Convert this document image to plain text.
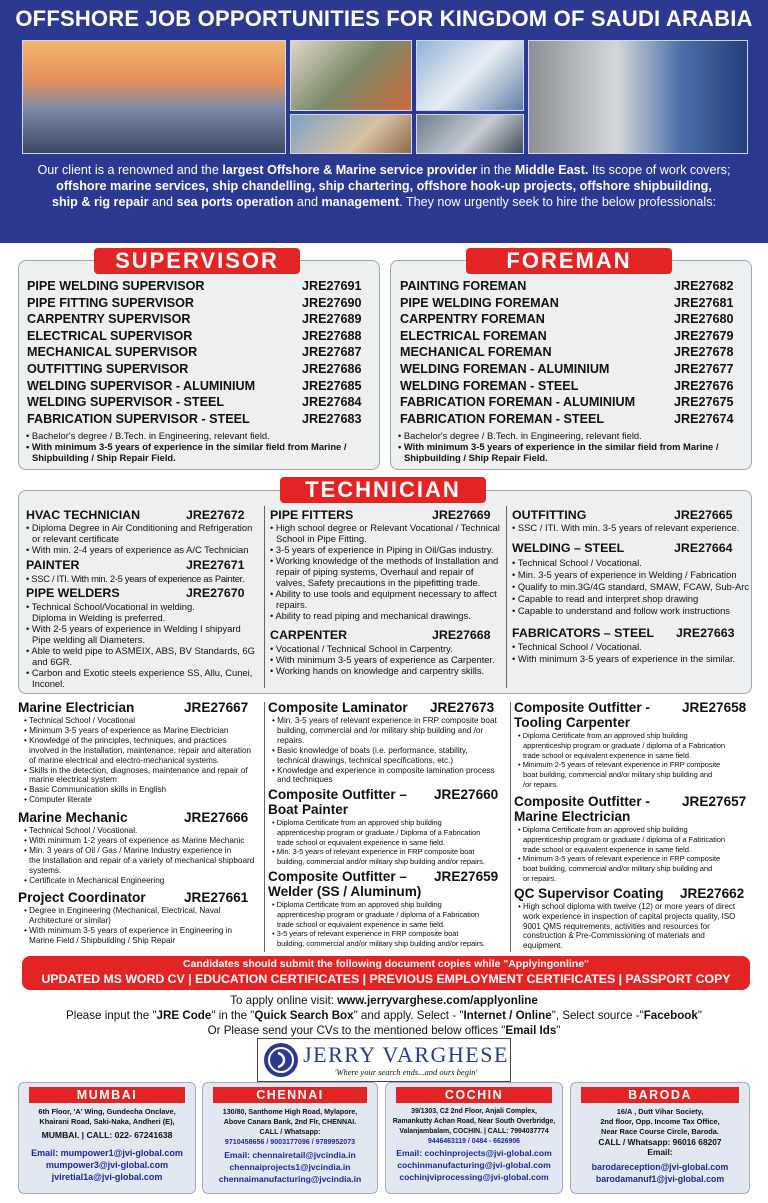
OFFSHORE JOB OPPORTUNITIES FOR KINGDOM OF SAUDI ARABIA
Our client is a renowned and the largest Offshore & Marine service provider in the Middle East. Its scope of work covers;
offshore marine services, ship chandelling, ship chartering, offshore hook-up projects, offshore shipbuilding,
ship & rig repair and sea ports operation and management. They now urgently seek to hire the below professionals:
SUPERVISOR
PIPE WELDING SUPERVISOR	JRE27691
PIPE FITTING SUPERVISOR	JRE27690
CARPENTRY SUPERVISOR	JRE27689
ELECTRICAL SUPERVISOR	JRE27688
MECHANICAL SUPERVISOR	JRE27687
OUTFITTING SUPERVISOR	JRE27686
WELDING SUPERVISOR - ALUMINIUM	JRE27685
WELDING SUPERVISOR - STEEL	JRE27684
FABRICATION SUPERVISOR - STEEL	JRE27683
• Bachelor's degree / B.Tech. in Engineering, relevant field.
• With minimum 3-5 years of experience in the similar field from Marine /
Shipbuilding / Ship Repair Field.
FOREMAN
PAINTING FOREMAN	JRE27682
PIPE WELDING FOREMAN	JRE27681
CARPENTRY FOREMAN	JRE27680
ELECTRICAL FOREMAN	JRE27679
MECHANICAL FOREMAN	JRE27678
WELDING FOREMAN - ALUMINIUM	JRE27677
WELDING FOREMAN - STEEL	JRE27676
FABRICATION FOREMAN - ALUMINIUM	JRE27675
FABRICATION FOREMAN - STEEL	JRE27674
• Bachelor's degree / B.Tech. in Engineering, relevant field.
• With minimum 3-5 years of experience in the similar field from Marine /
Shipbuilding / Ship Repair Field.
TECHNICIAN
HVAC TECHNICIAN	JRE27672
• Diploma Degree in Air Conditioning and Refrigeration
or relevant certificate
• With min. 2-4 years of experience as A/C Technician
PAINTER	JRE27671
• SSC / ITI. With min. 2-5 years of experience as Painter.
PIPE WELDERS	JRE27670
• Technical School/Vocational in welding.
Diploma in Welding is preferred.
• With 2-5 years of experience in Welding I shipyard
Pipe welding all Diameters.
• Able to weld pipe to ASMEIX, ABS, BV Standards, 6G
and 6GR.
• Carbon and Exotic steels experience SS, Allu, Cunei,
Inconel.
PIPE FITTERS	JRE27669
• High school degree or Relevant Vocational / Technical
School in Pipe Fitting.
• 3-5 years of experience in Piping in Oil/Gas industry.
• Working knowledge of the methods of Installation and
repair of piping systems, Overhaul and repair of
valves, Safety precautions in the pipefitting trade.
• Ability to use tools and equipment necessary to affect
repairs.
• Ability to read piping and mechanical drawings.
CARPENTER	JRE27668
• Vocational / Technical School in Carpentry.
• With minimum 3-5 years of experience as Carpenter.
• Working hands on knowledge and carpentry skills.
OUTFITTING	JRE27665
• SSC / ITI. With min. 3-5 years of relevant experience.
WELDING – STEEL	JRE27664
• Technical School / Vocational.
• Min. 3-5 years of experience in Welding / Fabrication
• Qualify to min.3G/4G standard, SMAW, FCAW, Sub-Arc
• Capable to read and interpret shop drawing
• Capable to understand and follow work instructions
FABRICATORS – STEEL JRE27663
• Technical School / Vocational.
• With minimum 3-5 years of experience in the similar.
Marine Electrician	JRE27667
• Technical School / Vocational
• Minimum 3-5 years of experience as Marine Electrician
• Knowledge of the principles, techniques, and practices
involved in the installation, maintenance, repair and alteration
of marine electrical and electro-mechanical systems.
• Skills in the detection, diagnoses, maintenance and repair of
marine electrical system
• Basic Communication skills in English
• Computer literate
Marine Mechanic	JRE27666
• Technical School / Vocational.
• With minimum 1-2 years of experience as Marine Mechanic
• Min. 3 years of Oil / Gas / Marine Industry experience in
the Installation and repair of a variety of mechanical shipboard
systems.
• Certificate in Mechanical Engineering
Project Coordinator	JRE27661
• Degree in Engineering (Mechanical, Electrical, Naval
Architecture or similar)
• With minimum 3-5 years of experience in Engineering in
Marine Field / Shipbuilding / Ship Repair
Composite Laminator JRE27673
• Min. 3-5 years of relevant experience in FRP composite boat
building, commercial and /or military ship building and /or
repairs.
• Basic knowledge of boats (i.e. performance, stability,
technical drawings, technical specifications, etc.)
• Knowledge and experience in composite lamination process
and techniques
Composite Outfitter – JRE27660
Boat Painter
• Diploma Certificate from an approved ship building
apprenticeship program or graduate / Diploma of a Fabrication
trade school or equivalent experience in same field.
• Min. 3-5 years of relevant experience in FRP composite boat
building, commercial and/or military ship building and/or repairs.
Composite Outfitter – JRE27659
Welder (SS / Aluminum)
• Diploma Certificate from an approved ship building
apprenticeship program or graduate / diploma of a Fabrication
trade school or equivalent experience in same field.
• 3-5 years of relevant experience in FRP composite boat
building, commercial and/or military ship building and/or repairs.
Composite Outfitter - JRE27658
Tooling Carpenter
• Diploma Certificate from an approved ship building
apprenticeship program or graduate / diploma of a Fabrication
trade school or equivalent experience in same field.
• Minimum 2-5 years of relevant experience in FRP composite
boat building, commercial and/or military ship building and
/or repairs.
Composite Outfitter - JRE27657
Marine Electrician
• Diploma Certificate from an approved ship building
apprenticeship program or graduate / diploma of a Fabrication
trade school or equivalent experience in same field.
• Minimum 3-5 years of relevant experience in FRP composite
boat building, commercial and/or military ship building and
or repairs.
QC Supervisor Coating JRE27662
• High school diploma with twelve (12) or more years of direct
work experience in inspection of capital projects quality, ISO
9001 QMS requirements, activities and resources for
construction & Pre-Commissioning of materials and
equipment.
Candidates should submit the following document copies while "Applyingonline"
UPDATED MS WORD CV | EDUCATION CERTIFICATES | PREVIOUS EMPLOYMENT CERTIFICATES | PASSPORT COPY
To apply online visit: www.jerryvarghese.com/applyonline
Please input the "JRE Code" in the "Quick Search Box" and apply. Select - "Internet / Online", Select source -"Facebook"
Or Please send your CVs to the mentioned below offices "Email Ids"
JERRY VARGHESE
'Where your search ends...and ours begin'
MUMBAI
6th Floor, 'A' Wing, Gundecha Onclave,
Khairani Road, Saki-Naka, Andheri (E),
MUMBAI. | CALL: 022- 67241638
Email: mumpower1@jvi-global.com
mumpower3@jvi-global.com
jviretial1a@jvi-global.com
CHENNAI
130/80, Santhome High Road, Mylapore,
Above Canara Bank, 2nd Flr, CHENNAI.
CALL / Whatsapp:
9710458656 / 9003177096 / 9789952073
Email: chennairetail@jvcindia.in
chennaiprojects1@jvcindia.in
chennaimanufacturing@jvcindia.in
COCHIN
39/1303, C2 2nd Floor, Anjali Complex,
Ramankutty Achan Road, Near South Overbridge,
Valanjambalam, COCHIN. | CALL: 7994037774
9446463119 / 0484 - 6626906
Email: cochinprojects@jvi-global.com
cochinmanufacturing@jvi-global.com
cochinjviprocessing@jvi-global.com
BARODA
16/A , Dutt Vihar Society,
2nd floor, Opp. Income Tax Office,
Near Race Course Circle, Baroda.
CALL / Whatsapp: 96016 68207
Email:
barodareception@jvi-global.com
barodamanuf1@jvi-global.com
